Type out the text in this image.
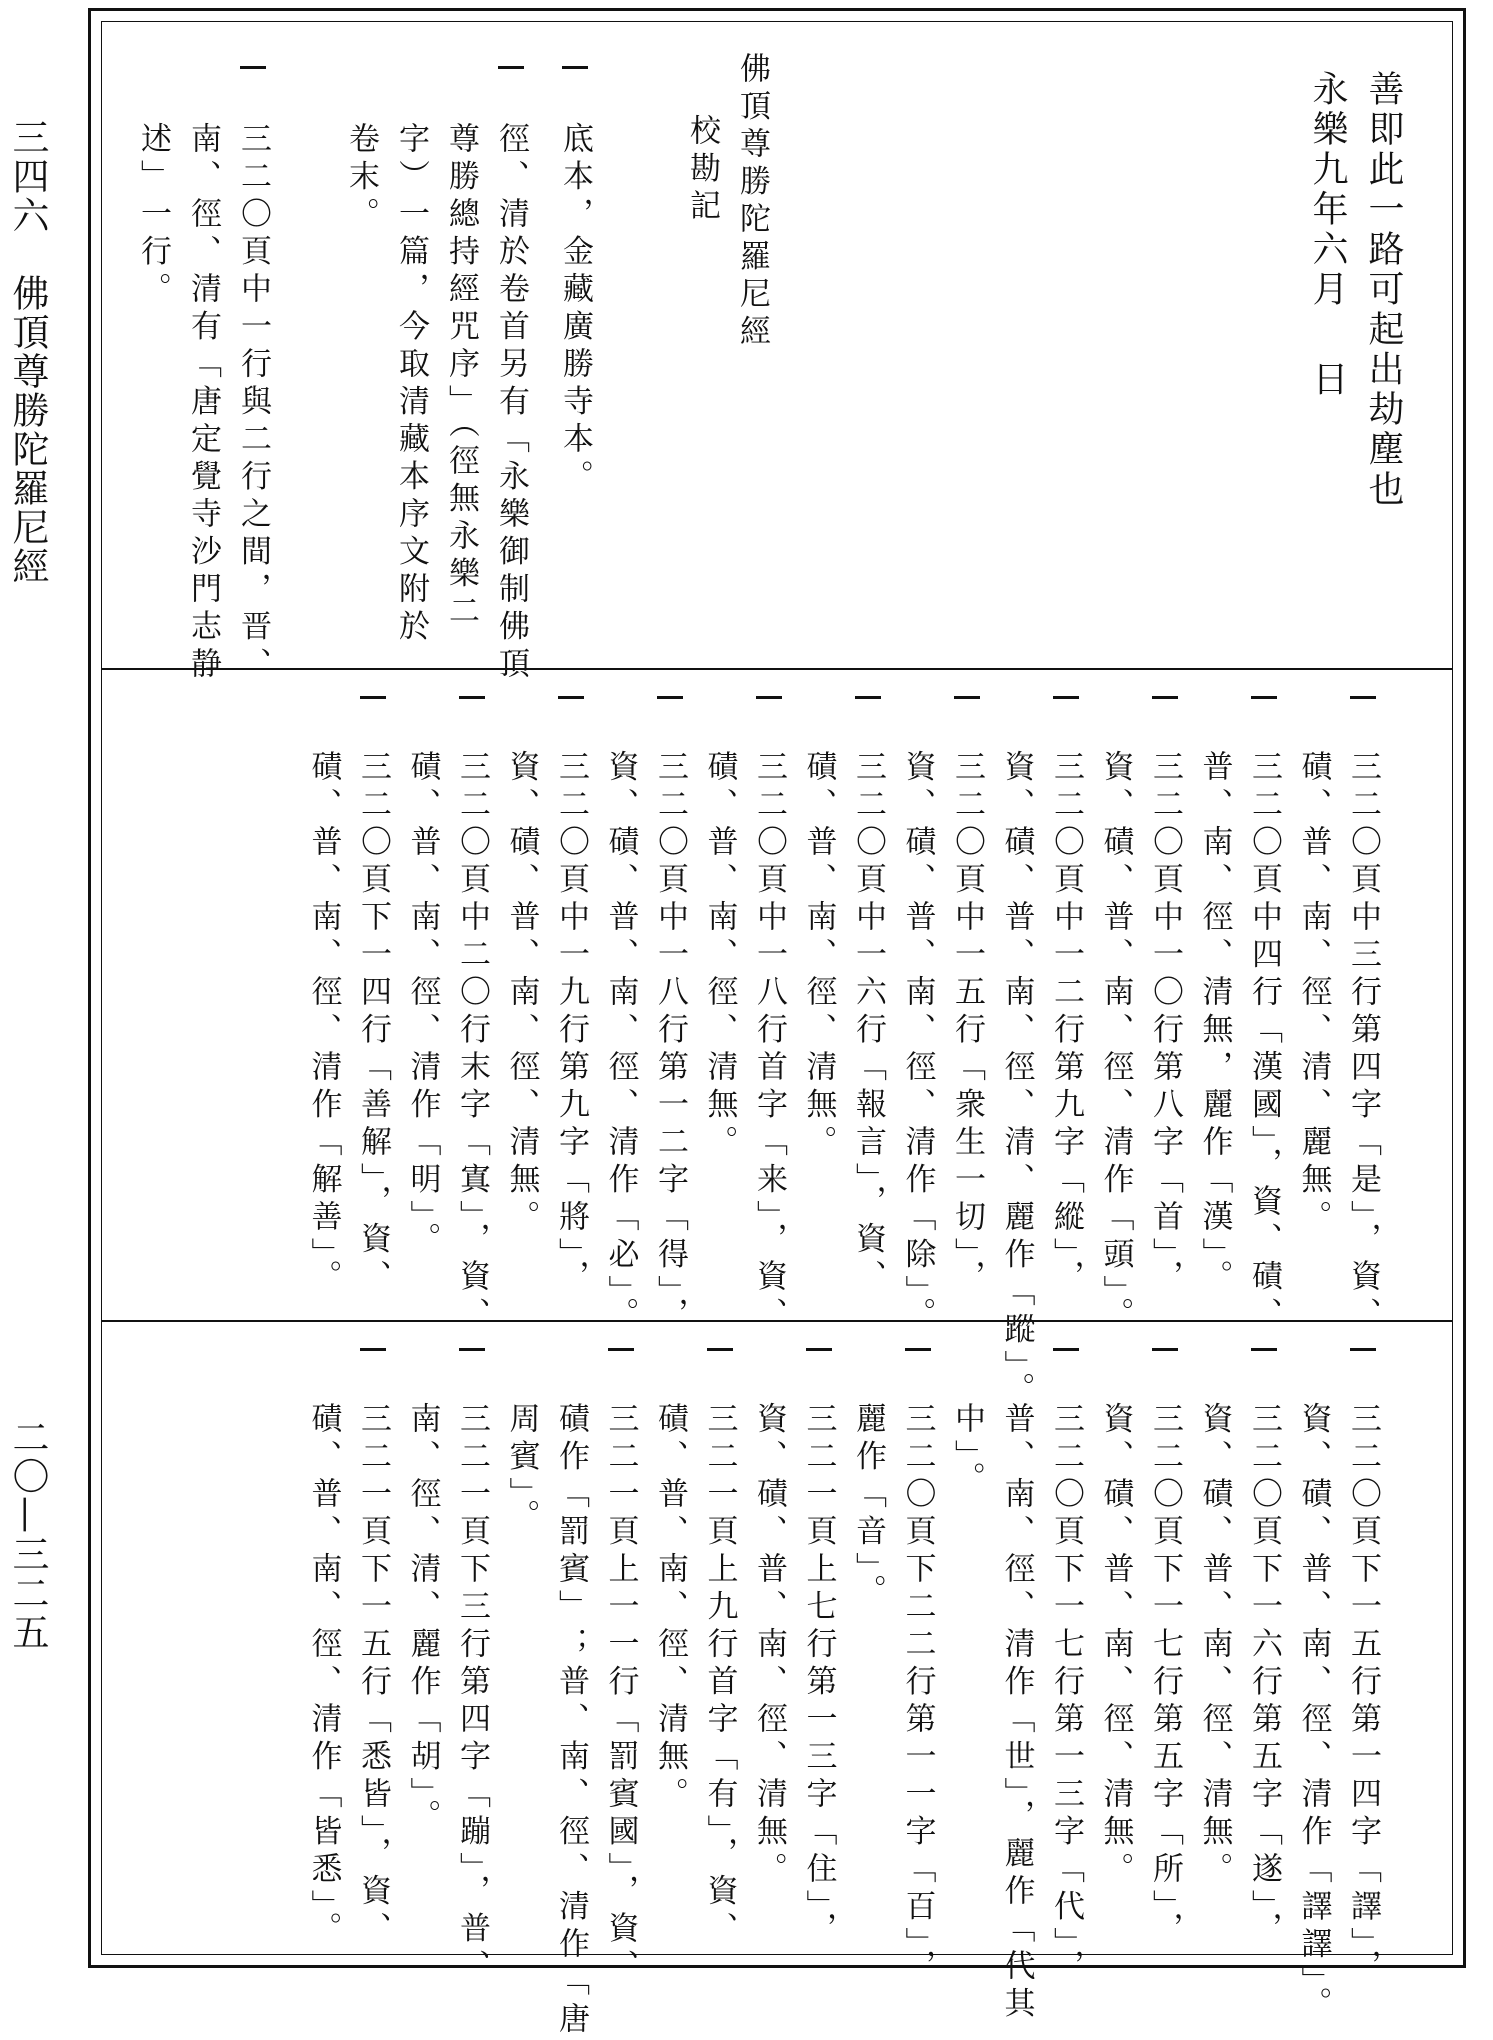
三四六　佛頂尊勝陀羅尼經
二〇—三二五
善即此一路可起出劫塵也
永樂九年六月
日
佛頂尊勝陀羅尼經
校勘記
底本，金藏廣勝寺本。
徑、清於卷首另有「永樂御制佛頂
尊勝總持經咒序」（徑無永樂二
字）一篇，今取清藏本序文附於
卷末。
三二〇頁中一行與二行之間，晋、
南、徑、清有「唐定覺寺沙門志静
述」一行。
三二〇頁中三行第四字「是」，資、
磧、普、南、徑、清、麗無。
三二〇頁中四行「漢國」，資、磧、
普、南、徑、清無，麗作「漢」。
三二〇頁中一〇行第八字「首」，
資、磧、普、南、徑、清作「頭」。
三二〇頁中一二行第九字「縱」，
資、磧、普、南、徑、清、麗作「蹤」。
三二〇頁中一五行「衆生一切」，
資、磧、普、南、徑、清作「除」。
三二〇頁中一六行「報言」，資、
磧、普、南、徑、清無。
三二〇頁中一八行首字「来」，資、
磧、普、南、徑、清無。
三二〇頁中一八行第一二字「得」，
資、磧、普、南、徑、清作「必」。
三二〇頁中一九行第九字「將」，
資、磧、普、南、徑、清無。
三二〇頁中二〇行末字「寘」，資、
磧、普、南、徑、清作「明」。
三二〇頁下一四行「善解」，資、
磧、普、南、徑、清作「解善」。
三二〇頁下一五行第一四字「譯」，
資、磧、普、南、徑、清作「譯譯」。
三二〇頁下一六行第五字「遂」，
資、磧、普、南、徑、清無。
三二〇頁下一七行第五字「所」，
資、磧、普、南、徑、清無。
三二〇頁下一七行第一三字「代」，
普、南、徑、清作「世」，麗作「代其
中」。
三二〇頁下二二行第一一字「百」，
麗作「音」。
三二一頁上七行第一三字「住」，
資、磧、普、南、徑、清無。
三二一頁上九行首字「有」，資、
磧、普、南、徑、清無。
三二一頁上一一行「罰賓國」，資、
磧作「罰賓」；普、南、徑、清作「唐
周賓」。
三二一頁下三行第四字「蹦」，普、
南、徑、清、麗作「胡」。
三二一頁下一五行「悉皆」，資、
磧、普、南、徑、清作「皆悉」。
